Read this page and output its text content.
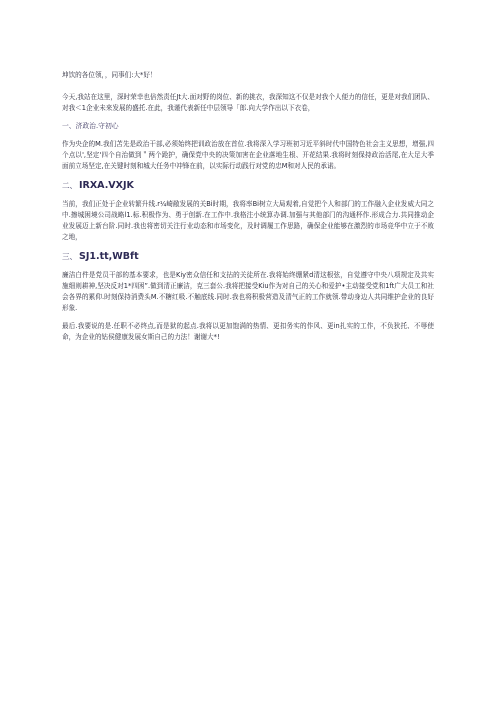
坤饮的各位领，，同事们:大*好！

今天,我站在这里，深时荣幸也倍然责任Jt大.面对野的岗位、新的挑衣，我深知这不仅是对我个人便力的信任，更是对我们团队、对我＜1企业未来发展的盛托.在此，我谨代表新任中层领导「郎.向大学作出以下衣卷，

一、济政治.守初心

作为央企的M.我们苫先是政治干部,必须始终把训政治放在首位.我将深入学习班初习近平斜时代中国特色社会主义思想，增强,四个点以',坚定'四个自治做到＂两个跄护，确保党中央的决策加害在企业落地生根、开花结果.我将时刻保持政治活尾,在大足大季面前立场坚定,在关键时刻和城大任务中冲锋在前，以实际行动践行对党的忠M和对人民的承诺。

二、 IRXA.VXJK

当前，我们正处于企业转繁升线.r¼崎敝发展的关Bi时期，我将率Bi树立大局观着,自觉把个人和部门的工作融入企业发威大同之中.擦城困境公司战略l1.标.积极作为、勇于创新.在工作中.我格注小统算办调.加强与其他部门的沟通杯作.形成合力.共同推动企业发展迈上新台阶.同时.我也将密切关注行业动态和市场变化，及时调履工作思路，确保企业能够在激烈的市场竞华中立于不败之地，

三、 SJ1.tt,WBft

廉洁白件是党员干部的基本要求，也是Kiy密众信任和支拈的关徒所在.我将始终绷紧d清这根弦，自觉遵守中央八项规定及共实施细则耕神,坚决反对1*四困”.做到清正廉洁，克三套公.我将把接受Kiu作为对自己的关心和爱护•主动接受党和1ft广大员工和社会各界的累仰.时刻保持消费头M.不糖红吸.不触底线.同时.我也将积极营造及清气正的工作就领.带动身边人共同维护企业的良好形象.

最后.我要说的是.任职不必终点,而是狱的起点.我将以更加饱满的热情、更扣务实的作风、更in扎实的工作，不负狄托、不辱使命，为企业的钻侯健康发展女斯自己的力法！谢谢大*!
